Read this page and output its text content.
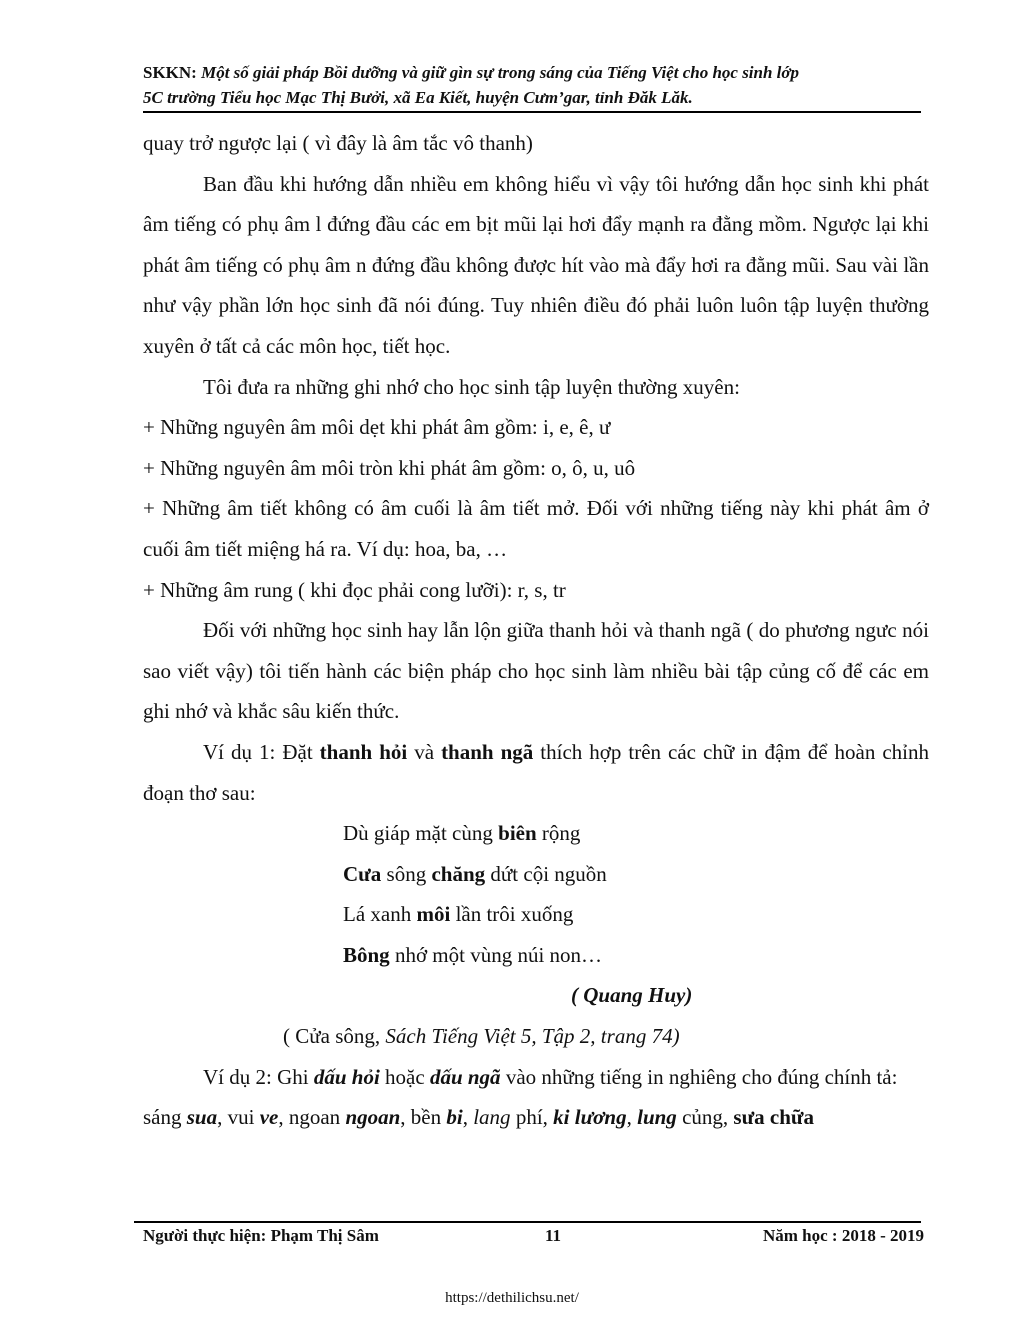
SKKN: Một số giải pháp Bồi dưỡng và giữ gìn sự trong sáng của Tiếng Việt cho học sinh lớp
5C trường Tiểu học Mạc Thị Bưởi, xã Ea Kiết, huyện Cưm’gar, tỉnh Đăk Lăk.

quay trở ngược lại ( vì đây là âm tắc vô thanh)

Ban đầu khi hướng dẫn nhiều em không hiểu vì vậy tôi hướng dẫn học sinh khi phát âm tiếng có phụ âm l đứng đầu các em bịt mũi lại hơi đẩy mạnh ra đằng mồm. Ngược lại khi phát âm tiếng có phụ âm n đứng đầu không được hít vào mà đẩy hơi ra đằng mũi. Sau vài lần như vậy phần lớn học sinh đã nói đúng. Tuy nhiên điều đó phải luôn luôn tập luyện thường xuyên ở tất cả các môn học, tiết học.

Tôi đưa ra những ghi nhớ cho học sinh tập luyện thường xuyên:

+ Những nguyên âm môi dẹt khi phát âm gồm: i, e, ê, ư

+ Những nguyên âm môi tròn khi phát âm gồm: o, ô, u, uô

+ Những âm tiết không có âm cuối là âm tiết mở. Đối với những tiếng này khi phát âm ở cuối âm tiết miệng há ra. Ví dụ: hoa, ba, …

+ Những âm rung ( khi đọc phải cong lưỡi): r, s, tr

Đối với những học sinh hay lẫn lộn giữa thanh hỏi và thanh ngã ( do phương ngưc nói sao viết vậy) tôi tiến hành các biện pháp cho học sinh làm nhiều bài tập củng cố để các em ghi nhớ và khắc sâu kiến thức.

Ví dụ 1: Đặt thanh hỏi và thanh ngã thích hợp trên các chữ in đậm để hoàn chỉnh đoạn thơ sau:

Dù giáp mặt cùng biên rộng

Cưa sông chăng dứt cội nguồn

Lá xanh môi lần trôi xuống

Bông nhớ một vùng núi non…

( Quang Huy)

( Cửa sông, Sách Tiếng Việt 5, Tập 2, trang 74)

Ví dụ 2: Ghi dấu hỏi hoặc dấu ngã vào những tiếng in nghiêng cho đúng chính tả:

sáng sua, vui ve, ngoan ngoan, bền bi, lang phí, ki lương, lung củng, sưa chữa

Người thực hiện: Phạm Thị Sâm	11	Năm học : 2018 - 2019
https://dethilichsu.net/
